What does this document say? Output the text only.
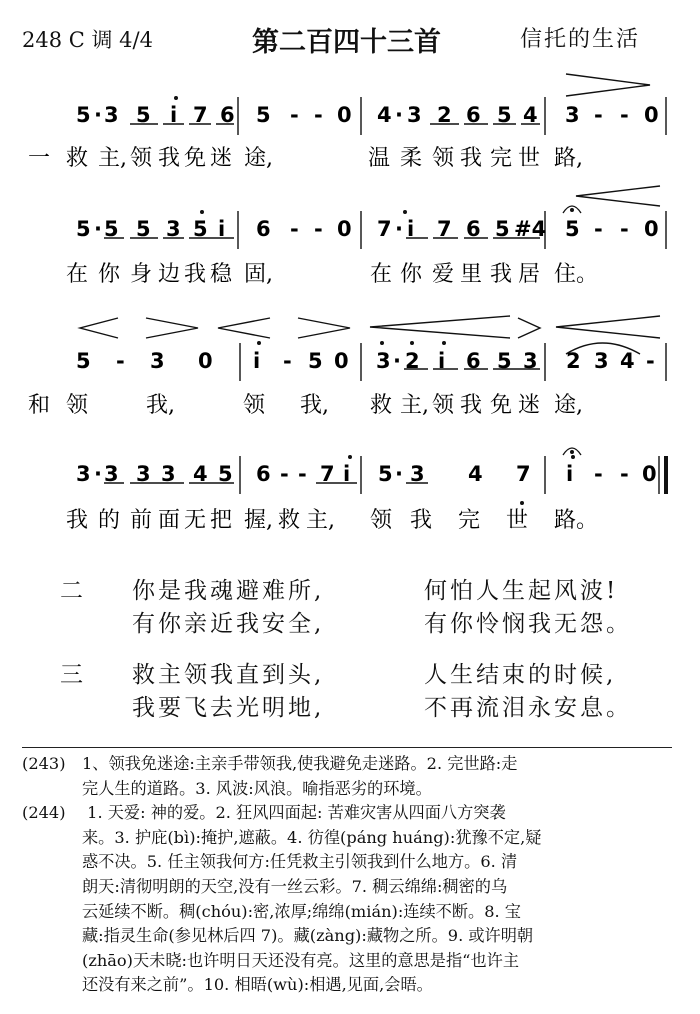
248 C 调 4/4	第二百四十三首	信托的生活
5 · 3 5 i 7 6 5 - - 0 4 · 3 2 6 5 4 3 - - 0
一 救 主, 领 我 免 迷 途,	温 柔 领 我 完 世 路,
5 · 5 5 3 5 i 6 - - 0 7 · i 7 6 5 #4 5 - - 0
在 你 身 边 我 稳 固,	在 你 爱 里 我 居 住。
5 - 3 0 i - 5 0 3 · 2 i 6 5 3 2 3 4 -
和 领	我,	领 我, 救 主, 领 我 免 迷 途,
3 · 3 3 3 4 5 6 - - 7 i 5 · 3 4 7 i - - 0
我 的 前 面 无 把 握, 救 主, 领 我 完 世 路。
二 你是我魂避难所,	何怕人生起风波!
有你亲近我安全,	有你怜悯我无怨。
三 救主领我直到头,	人生结束的时候,
我要飞去光明地,	不再流泪永安息。

(243) 1、领我免迷途:主亲手带领我,使我避免走迷路。2. 完世路:走

完人生的道路。3. 风波:风浪。喻指恶劣的环境。

(244) 1. 天爱: 神的爱。2. 狂风四面起: 苦难灾害从四面八方突袭

来。3. 护庇(bì):掩护,遮蔽。4. 彷徨(páng huáng):犹豫不定,疑

惑不决。5. 任主领我何方:任凭救主引领我到什么地方。6. 清

朗天:清彻明朗的天空,没有一丝云彩。7. 稠云绵绵:稠密的乌

云延续不断。稠(chóu):密,浓厚;绵绵(mián):连续不断。8. 宝

藏:指灵生命(参见林后四 7)。藏(zàng):藏物之所。9. 或许明朝

(zhāo)天未晓:也许明日天还没有亮。这里的意思是指“也许主

还没有来之前”。10. 相晤(wù):相遇,见面,会晤。
